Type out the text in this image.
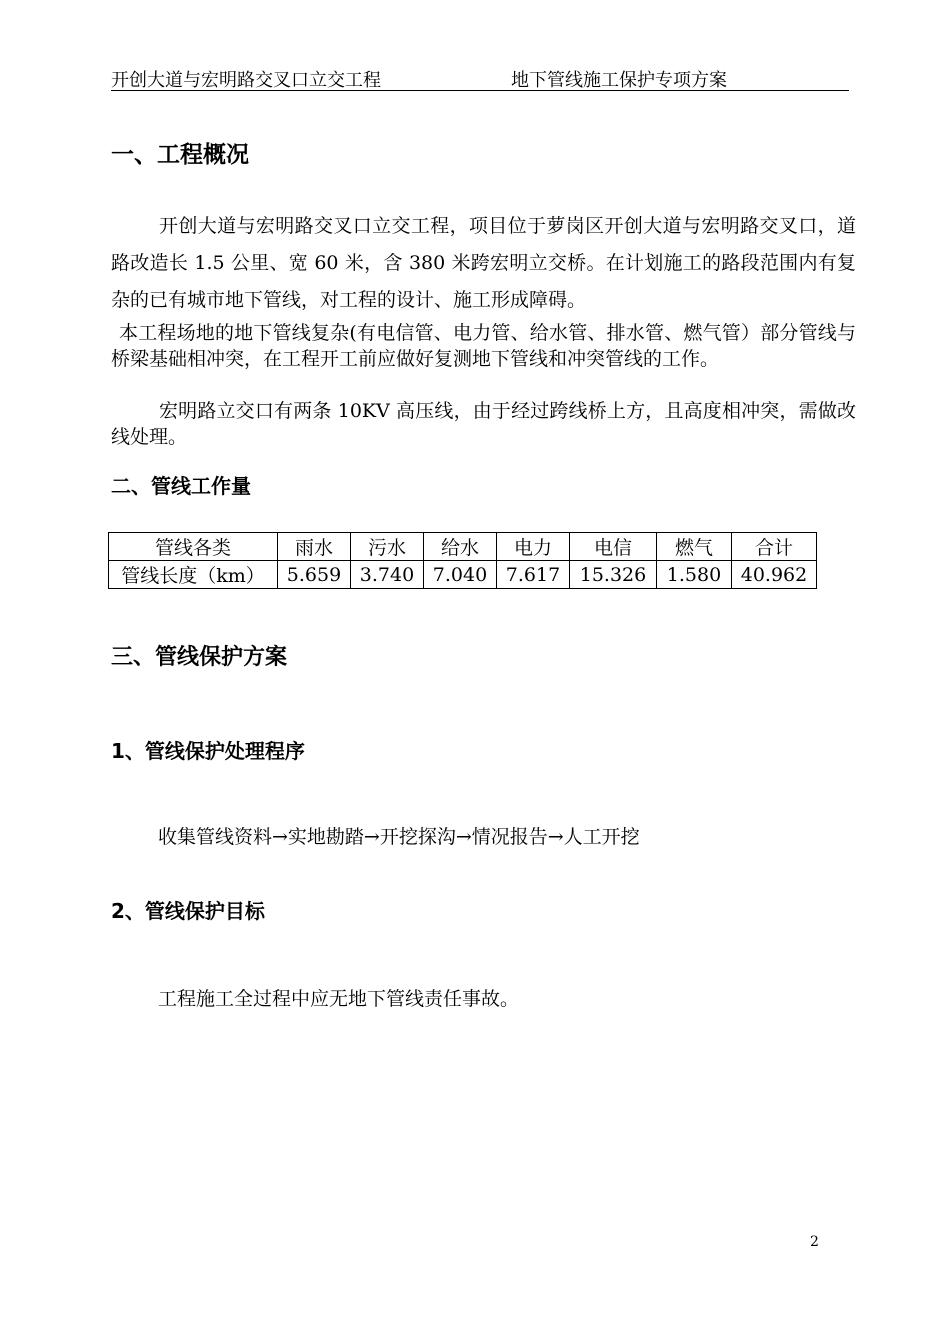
开创大道与宏明路交叉口立交工程	地下管线施工保护专项方案
一、工程概况
开创大道与宏明路交叉口立交工程，项目位于萝岗区开创大道与宏明路交叉口，道路改造长 1.5 公里、宽 60 米，含 380 米跨宏明立交桥。在计划施工的路段范围内有复杂的已有城市地下管线，对工程的设计、施工形成障碍。
本工程场地的地下管线复杂(有电信管、电力管、给水管、排水管、燃气管）部分管线与桥梁基础相冲突，在工程开工前应做好复测地下管线和冲突管线的工作。
宏明路立交口有两条 10KV 高压线，由于经过跨线桥上方，且高度相冲突，需做改线处理。
二、管线工作量
管线各类	雨水	污水	给水	电力	电信	燃气	合计
管线长度（km）	5.659	3.740	7.040	7.617	15.326	1.580	40.962
三、管线保护方案
1、管线保护处理程序
收集管线资料→实地勘踏→开挖探沟→情况报告→人工开挖
2、管线保护目标
工程施工全过程中应无地下管线责任事故。
2
